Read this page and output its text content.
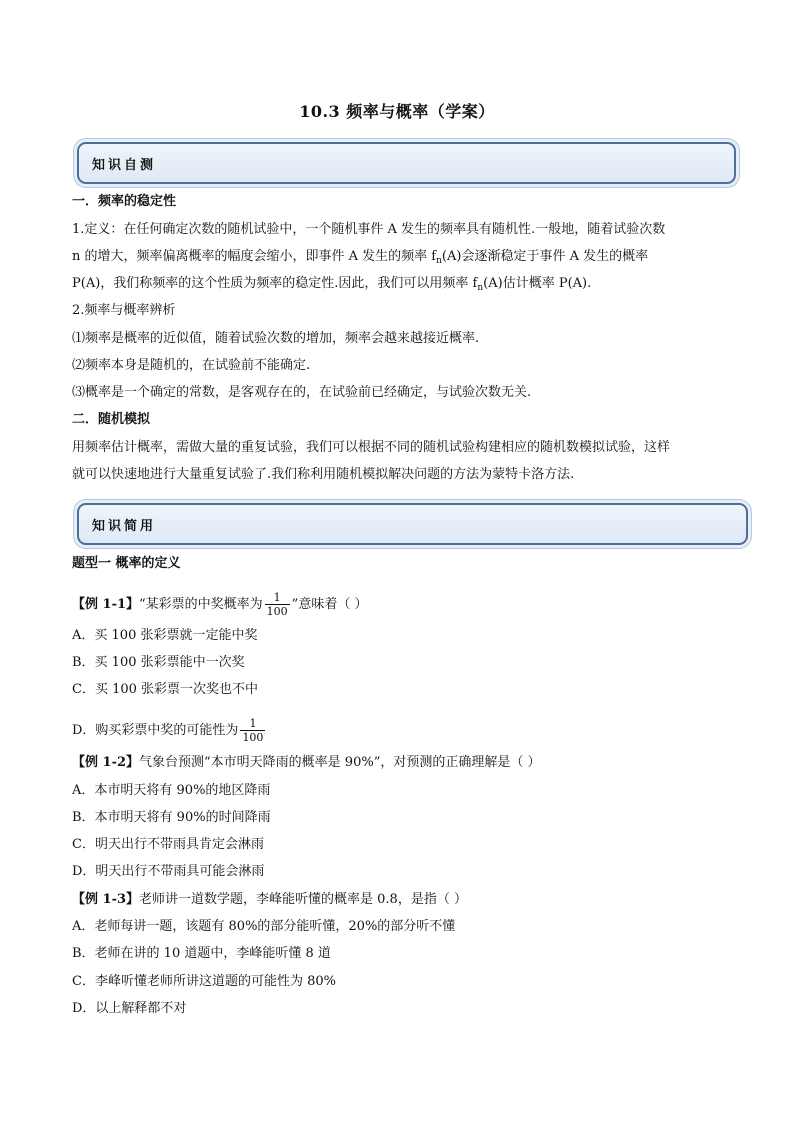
10.3 频率与概率（学案）
知识自测
一．频率的稳定性
1.定义：在任何确定次数的随机试验中，一个随机事件 A 发生的频率具有随机性.一般地，随着试验次数
n 的增大，频率偏离概率的幅度会缩小，即事件 A 发生的频率 $f_n(A)$会逐渐稳定于事件 A 发生的概率
P(A)，我们称频率的这个性质为频率的稳定性.因此，我们可以用频率 $f_n(A)$估计概率 P(A).
2.频率与概率辨析
⑴频率是概率的近似值，随着试验次数的增加，频率会越来越接近概率.
⑵频率本身是随机的，在试验前不能确定.
⑶概率是一个确定的常数，是客观存在的，在试验前已经确定，与试验次数无关.
二．随机模拟
用频率估计概率，需做大量的重复试验，我们可以根据不同的随机试验构建相应的随机数模拟试验，这样
就可以快速地进行大量重复试验了.我们称利用随机模拟解决问题的方法为蒙特卡洛方法.
知识简用
题型一 概率的定义
【例 1-1】“某彩票的中奖概率为 $\frac{1}{100}$ ”意味着（ ）
A．买 100 张彩票就一定能中奖
B．买 100 张彩票能中一次奖
C．买 100 张彩票一次奖也不中
D．购买彩票中奖的可能性为 $\frac{1}{100}$
【例 1-2】气象台预测“本市明天降雨的概率是 90%”，对预测的正确理解是（ ）
A．本市明天将有 90%的地区降雨
B．本市明天将有 90%的时间降雨
C．明天出行不带雨具肯定会淋雨
D．明天出行不带雨具可能会淋雨
【例 1-3】老师讲一道数学题，李峰能听懂的概率是 0.8，是指（ ）
A．老师每讲一题，该题有 80%的部分能听懂，20%的部分听不懂
B．老师在讲的 10 道题中，李峰能听懂 8 道
C．李峰听懂老师所讲这道题的可能性为 80%
D．以上解释都不对
